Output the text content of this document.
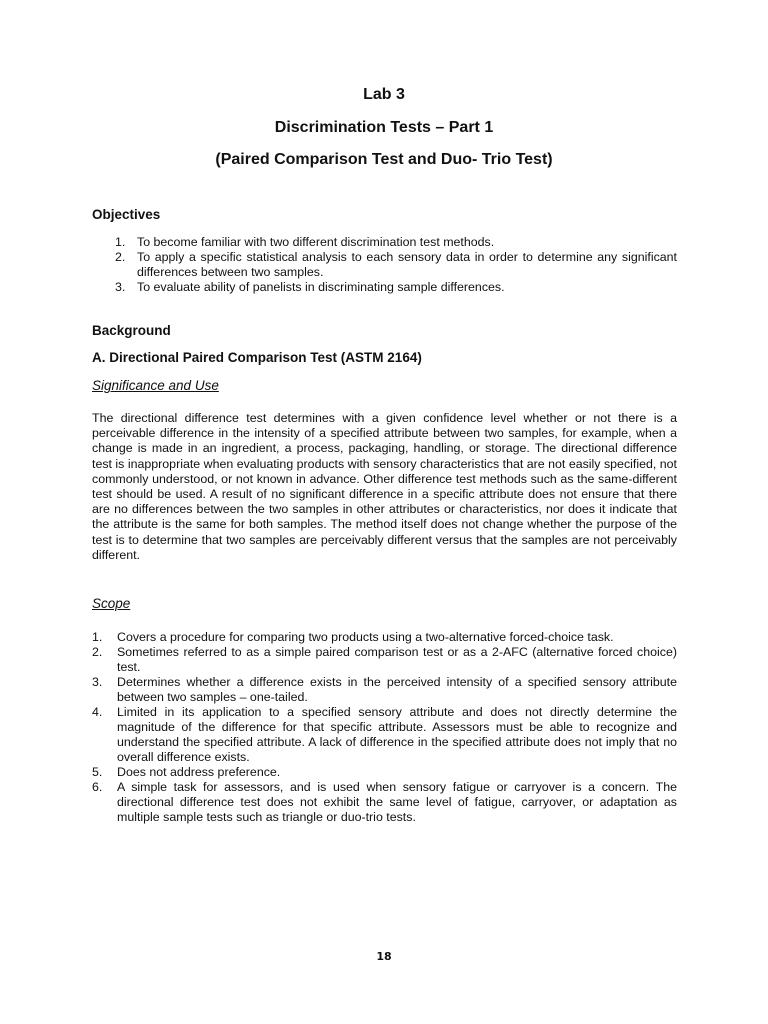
Lab 3
Discrimination Tests – Part 1
(Paired Comparison Test and Duo- Trio Test)
Objectives
1. To become familiar with two different discrimination test methods.
2. To apply a specific statistical analysis to each sensory data in order to determine any significant differences between two samples.
3. To evaluate ability of panelists in discriminating sample differences.
Background
A. Directional Paired Comparison Test (ASTM 2164)
Significance and Use

The directional difference test determines with a given confidence level whether or not there is a perceivable difference in the intensity of a specified attribute between two samples, for example, when a change is made in an ingredient, a process, packaging, handling, or storage. The directional difference test is inappropriate when evaluating products with sensory characteristics that are not easily specified, not commonly understood, or not known in advance. Other difference test methods such as the same-different test should be used. A result of no significant difference in a specific attribute does not ensure that there are no differences between the two samples in other attributes or characteristics, nor does it indicate that the attribute is the same for both samples. The method itself does not change whether the purpose of the test is to determine that two samples are perceivably different versus that the samples are not perceivably different.

Scope
1. Covers a procedure for comparing two products using a two-alternative forced-choice task.
2. Sometimes referred to as a simple paired comparison test or as a 2-AFC (alternative forced choice) test.
3. Determines whether a difference exists in the perceived intensity of a specified sensory attribute between two samples – one-tailed.
4. Limited in its application to a specified sensory attribute and does not directly determine the magnitude of the difference for that specific attribute. Assessors must be able to recognize and understand the specified attribute. A lack of difference in the specified attribute does not imply that no overall difference exists.
5. Does not address preference.
6. A simple task for assessors, and is used when sensory fatigue or carryover is a concern. The directional difference test does not exhibit the same level of fatigue, carryover, or adaptation as multiple sample tests such as triangle or duo-trio tests.
18
